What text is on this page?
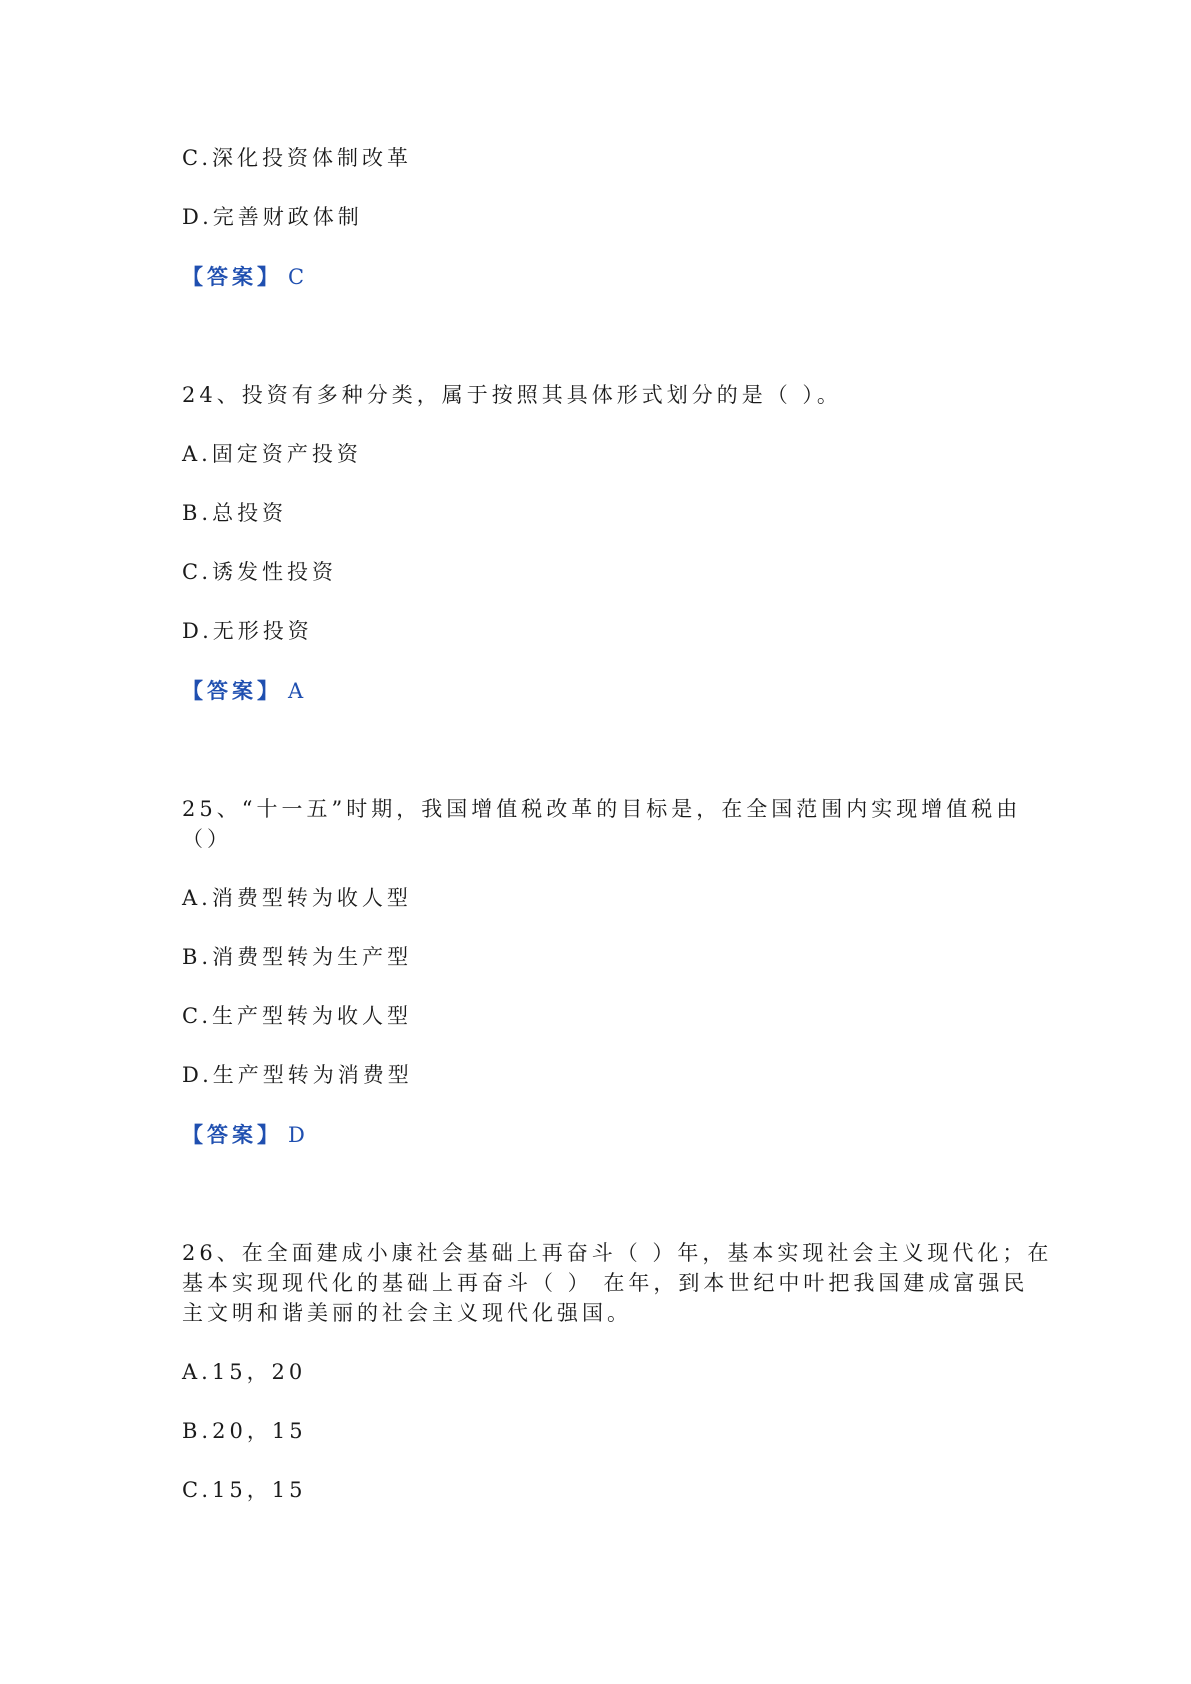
C.深化投资体制改革

D.完善财政体制

【答案】 C

24、投资有多种分类，属于按照其具体形式划分的是（ ）。

A.固定资产投资

B.总投资

C.诱发性投资

D.无形投资

【答案】 A

25、“十一五”时期，我国增值税改革的目标是，在全国范围内实现增值税由

（）

A.消费型转为收人型

B.消费型转为生产型

C.生产型转为收人型

D.生产型转为消费型

【答案】 D

26、在全面建成小康社会基础上再奋斗（ ）年，基本实现社会主义现代化；在

基本实现现代化的基础上再奋斗（ ） 在年，到本世纪中叶把我国建成富强民

主文明和谐美丽的社会主义现代化强国。

A.15，20

B.20，15

C.15，15
